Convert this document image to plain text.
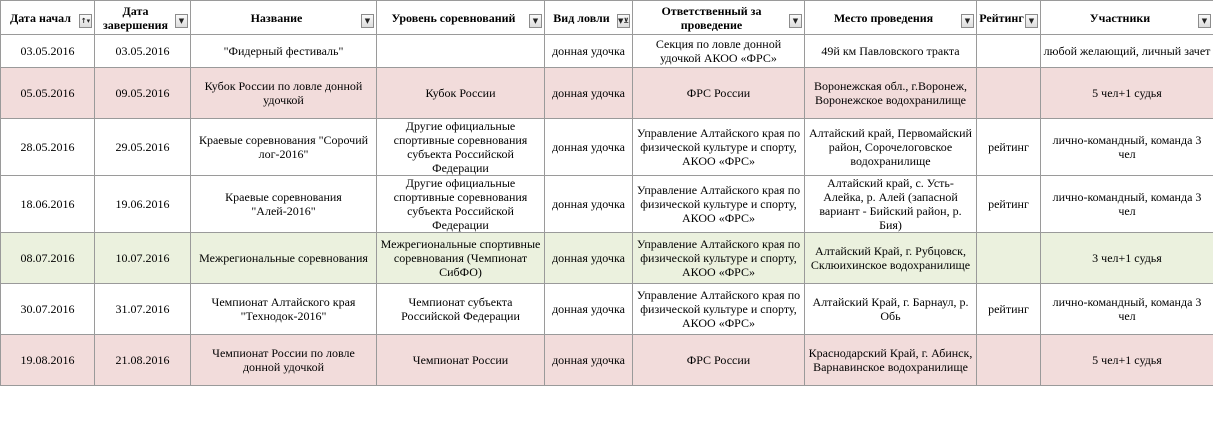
Дата начал ↑▾	Дата завершения ▼	Название ▼	Уровень соревнований ▼	Вид ловли ▼⊻	Ответственный за проведение ▼	Место проведения ▼	Рейтинг ▼	Участники ▼

03.05.2016	03.05.2016	"Фидерный фестиваль"		донная удочка	Секция по ловле донной удочкой АКОО «ФРС»	49й км Павловского тракта		любой желающий, личный зачет
05.05.2016	09.05.2016	Кубок России по ловле донной удочкой	Кубок России	донная удочка	ФРС России	Воронежская обл., г.Воронеж, Воронежское водохранилище		5 чел+1 судья
28.05.2016	29.05.2016	Краевые соревнования "Сорочий лог-2016"	Другие официальные спортивные соревнования субъекта Российской Федерации	донная удочка	Управление Алтайского края по физической культуре и спорту, АКОО «ФРС»	Алтайский край, Первомайский район, Сорочелоговское водохранилище	рейтинг	лично-командный, команда 3 чел
18.06.2016	19.06.2016	Краевые соревнования "Алей-2016"	Другие официальные спортивные соревнования субъекта Российской Федерации	донная удочка	Управление Алтайского края по физической культуре и спорту, АКОО «ФРС»	Алтайский край, с. Усть-Алейка, р. Алей (запасной вариант - Бийский район, р. Бия)	рейтинг	лично-командный, команда 3 чел
08.07.2016	10.07.2016	Межрегиональные соревнования	Межрегиональные спортивные соревнования (Чемпионат СибФО)	донная удочка	Управление Алтайского края по физической культуре и спорту, АКОО «ФРС»	Алтайский Край, г. Рубцовск, Склюихинское водохранилище		3 чел+1 судья
30.07.2016	31.07.2016	Чемпионат Алтайского края "Технодок-2016"	Чемпионат субъекта Российской Федерации	донная удочка	Управление Алтайского края по физической культуре и спорту, АКОО «ФРС»	Алтайский Край, г. Барнаул, р. Обь	рейтинг	лично-командный, команда 3 чел
19.08.2016	21.08.2016	Чемпионат России по ловле донной удочкой	Чемпионат России	донная удочка	ФРС России	Краснодарский Край, г. Абинск, Варнавинское водохранилище		5 чел+1 судья
